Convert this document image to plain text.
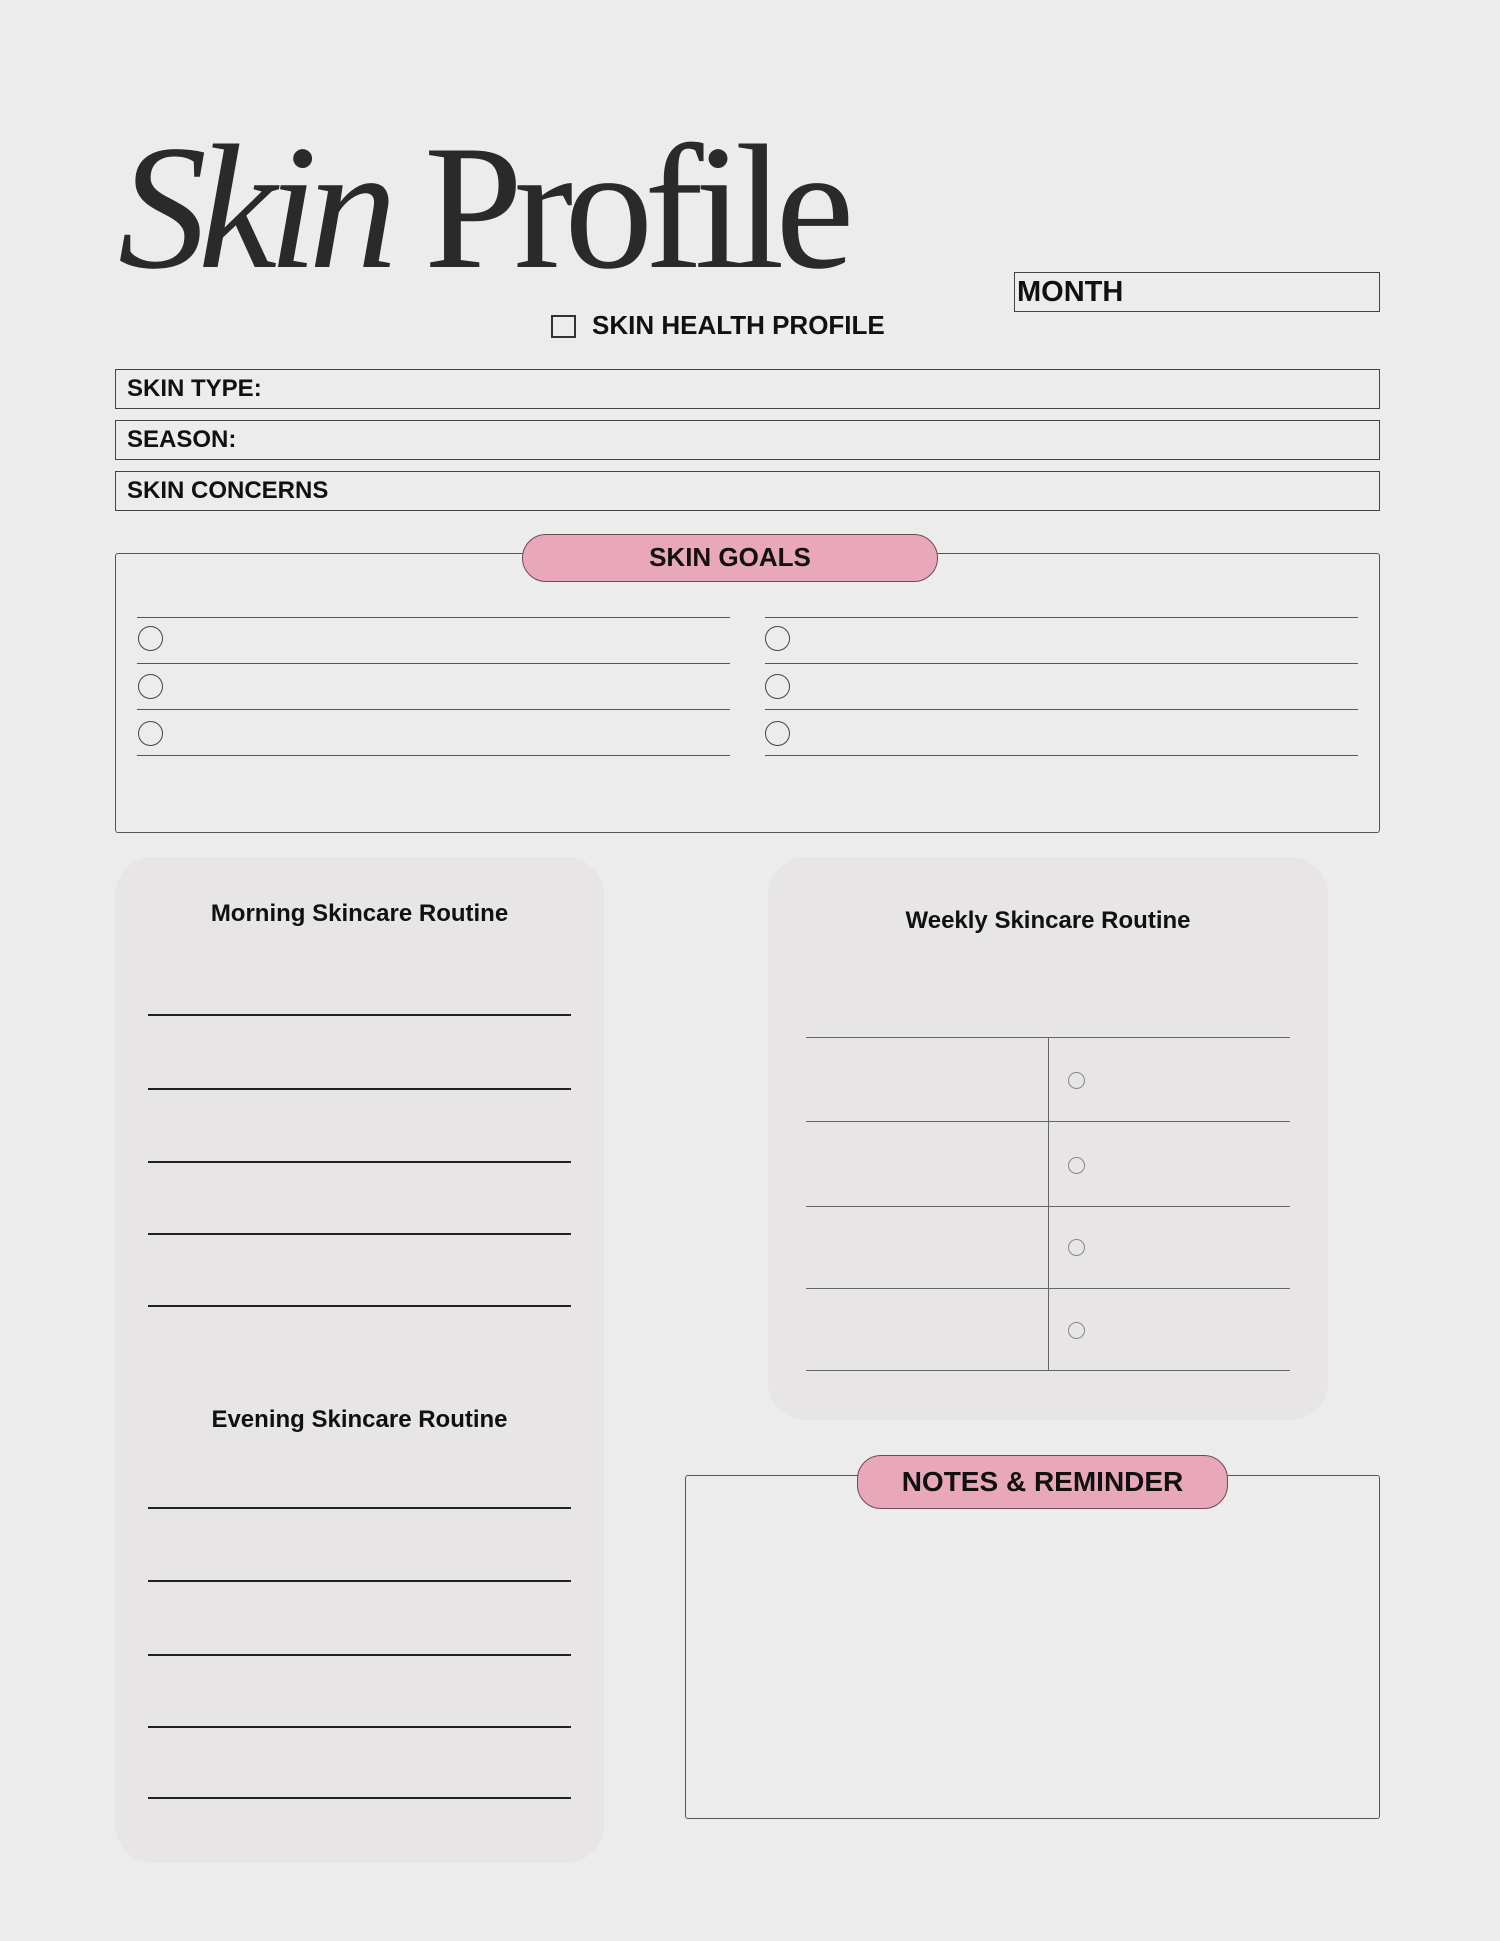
Skin Profile	MONTH
SKIN HEALTH PROFILE
SKIN TYPE:
SEASON:
SKIN CONCERNS
SKIN GOALS
Morning Skincare Routine
Evening Skincare Routine
Weekly Skincare Routine
NOTES & REMINDER
